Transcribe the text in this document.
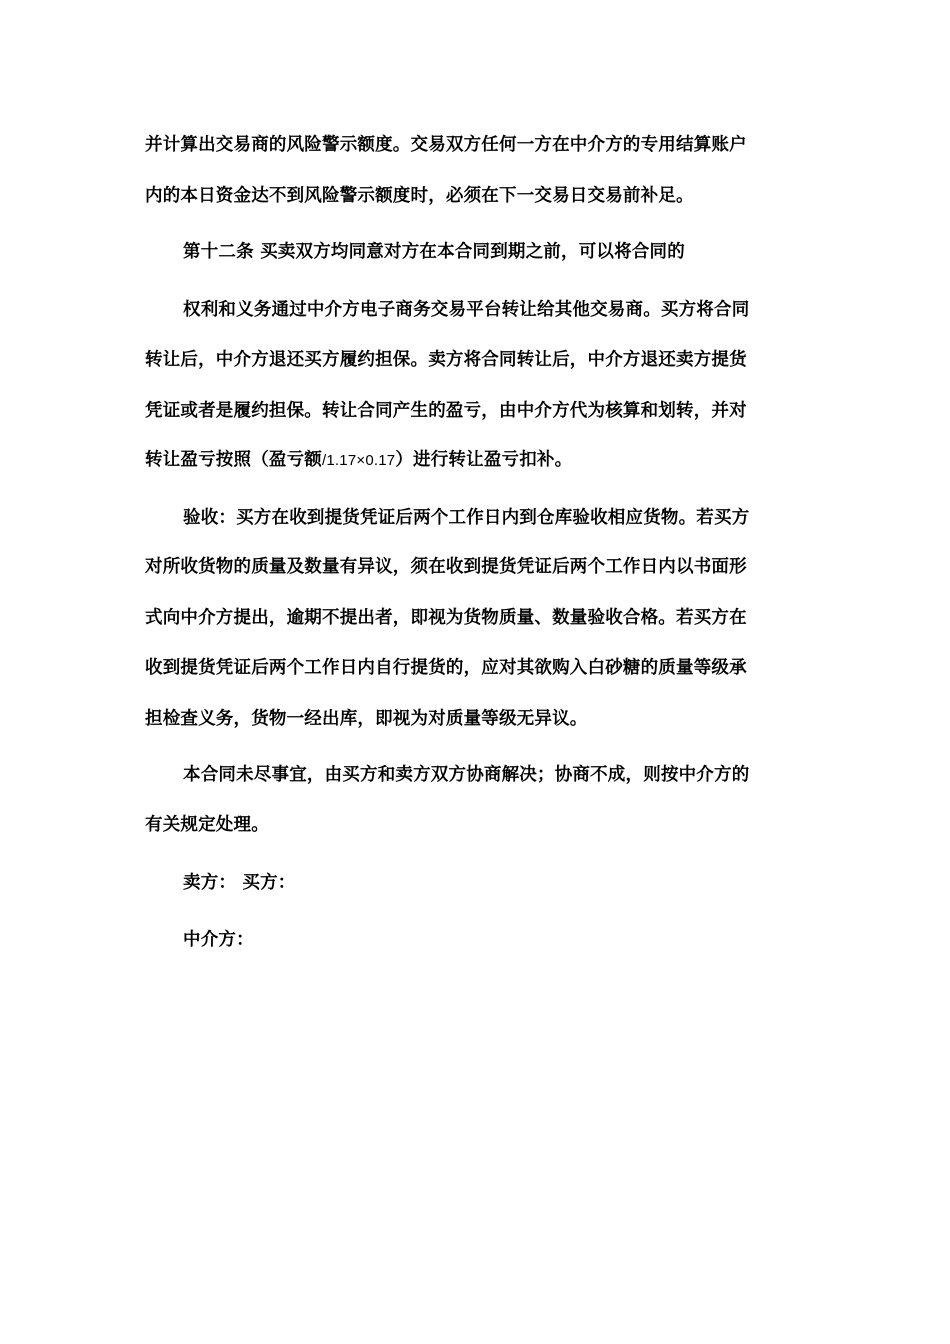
并计算出交易商的风险警示额度。交易双方任何一方在中介方的专用结算账户
内的本日资金达不到风险警示额度时，必须在下一交易日交易前补足。
第十二条 买卖双方均同意对方在本合同到期之前，可以将合同的
权利和义务通过中介方电子商务交易平台转让给其他交易商。买方将合同
转让后，中介方退还买方履约担保。卖方将合同转让后，中介方退还卖方提货
凭证或者是履约担保。转让合同产生的盈亏，由中介方代为核算和划转，并对
转让盈亏按照（盈亏额/1.17×0.17）进行转让盈亏扣补。
验收：买方在收到提货凭证后两个工作日内到仓库验收相应货物。若买方
对所收货物的质量及数量有异议，须在收到提货凭证后两个工作日内以书面形
式向中介方提出，逾期不提出者，即视为货物质量、数量验收合格。若买方在
收到提货凭证后两个工作日内自行提货的，应对其欲购入白砂糖的质量等级承
担检查义务，货物一经出库，即视为对质量等级无异议。
本合同未尽事宜，由买方和卖方双方协商解决；协商不成，则按中介方的
有关规定处理。
卖方： 买方：
中介方：
